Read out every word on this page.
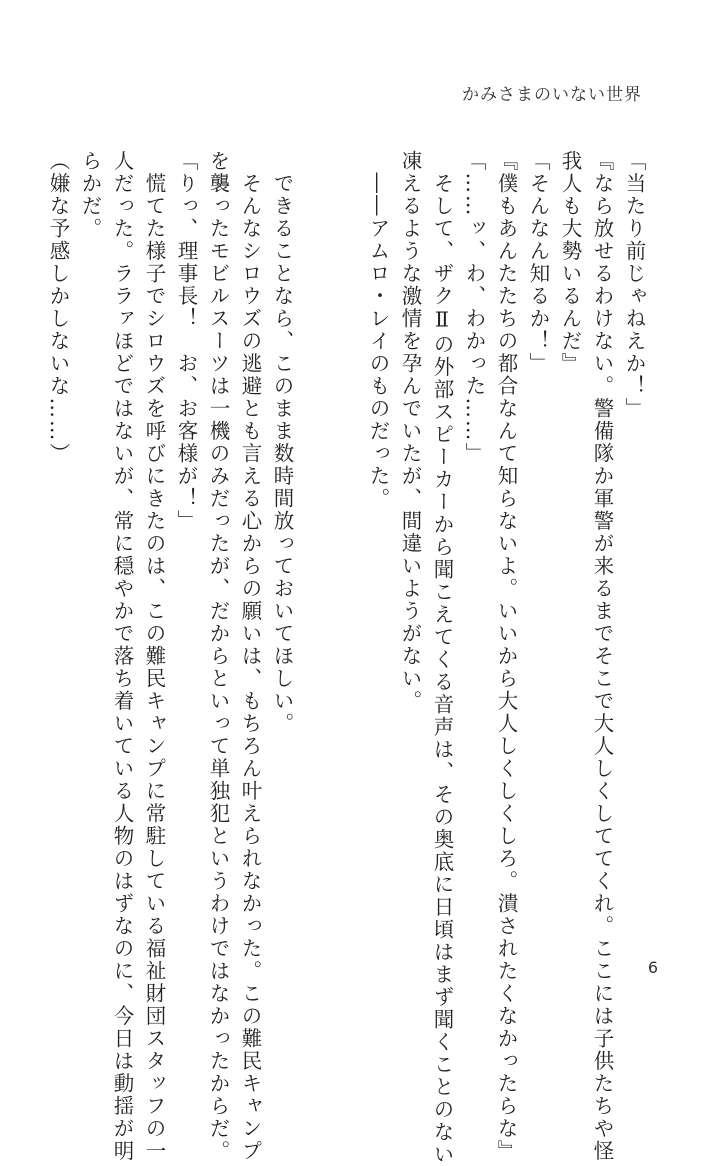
かみさまのいない世界
「当たり前じゃねえか！」
『なら放せるわけない。警備隊か軍警が来るまでそこで大人しくしててくれ。ここには子供たちや怪
我人も大勢いるんだ』
「そんなん知るか！」
『僕もあんたたちの都合なんて知らないよ。いいから大人しくしくしろ。潰されたくなかったらな』
「……ッ、わ、わかった……」
　そして、ザクⅡの外部スピーカーから聞こえてくる音声は、その奥底に日頃はまず聞くことのない
凍えるような激情を孕んでいたが、間違いようがない。
　――アムロ・レイのものだった。
　できることなら、このまま数時間放っておいてほしい。
　そんなシロウズの逃避とも言える心からの願いは、もちろん叶えられなかった。この難民キャンプ
を襲ったモビルスーツは一機のみだったが、だからといって単独犯というわけではなかったからだ。
「りっ、理事長！　お、お客様が！」
　慌てた様子でシロウズを呼びにきたのは、この難民キャンプに常駐している福祉財団スタッフの一
人だった。ララァほどではないが、常に穏やかで落ち着いている人物のはずなのに、今日は動揺が明
らかだ。
（嫌な予感しかしないな……）
6
